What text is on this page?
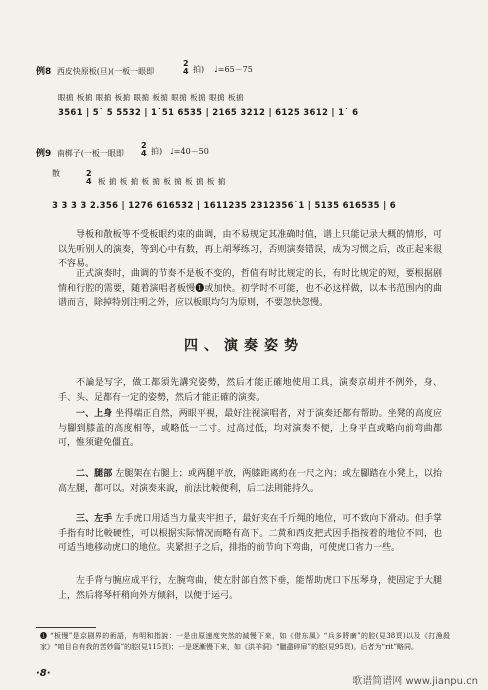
例8 西皮快原板(旦)(一板一眼即
2
4 拍) ♩=65－75
眼掮 板掮 眼掮 板掮 眼掮 板掮 眼掮 板掮 眼掮 板掮
3561 | 5˙ 5 5532 | 1˙51 6535 | 2165 3212 | 6125 3612 | 1˙ 6
例9 南梆子(一板一眼即
2
4 拍) ♩=40－50
散	2
4 板 掮 板 掮 板 掮 板 掮 板 掮 板 掮
3 3 3 3 2.356 | 1276 616532 | 1611235 2312356˙1 | 5135 616535 | 6
导板和散板等不受板眼约束的曲调，由不易规定其准确时值，谱上只能记录大概的情形，可以先听别人的演奏，等到心中有数，再上胡琴练习，否则演奏错误，成为习惯之后，改正起来很不容易。
正式演奏时，曲调的节奏不是板不变的，哲值有时比规定的长，有时比规定的短，要根据剧情和行腔的需要，随着演唱者板慢❶或加快。初学时不可能，也不必这样做，以本书范围内的曲谱而言，除掉特别注明之外，应以板眼均匀为原则，不要忽快忽慢。
四、演奏姿势
不論是写字，做工都須先講究姿勢，然后才能正確地使用工具，演奏京胡并不例外，身、手、头、足都有一定的姿勢，然后才能正確的演奏。
一、上身 坐得端正自然，两眼平視，最好注视演唱者，对于演奏还都有帮助。坐凳的高度应与腳到膝盖的高度相等，或略低一二寸。过高过低，均对演奏不便，上身平直或略向前弯曲都可，惟须避免僵直。
二、腿部 左腿架在右腿上；或两腿平放，两膝距离約在一尺之內；或左腳踏在小凳上，以抬高左腿，都可以。对演奏来說，前法比較便利，后二法則能持久。
三、左手 左手虎口用适当力量夹牢担子，最好夹在千斤绳的地位，可不致向下滑动。但手掌手指有时比較硬性，可以根据实际情况而略有高下。二黄和西皮把式因手指按着的地位不同，也可适当地移动虎口的地位。夹紧担子之后，排指的前节向下弯曲，可使虎口省力一些。
左手背与腕应成平行，左腕弯曲，使左肘部自然下垂，能帮助虎口下压琴身，使固定于大腿上，然后将琴杆稍向外方倾斜，以便于运弓。
❶ “板慢”是京剧界的術語，有明和指說：一是由原速度突然的減慢下來，如《借东風》“兵多將廣”的腔(見38頁)以及《打漁殺家》“咱目自有我的苦妙篇”的腔(見115頁)；一是逐漸慢下來，如《洪羊洞》“臘盡碎扉”的腔(見95頁)。后者为“rit”略同。
·8·
歌谱简谱网 www.jianpu.cn
